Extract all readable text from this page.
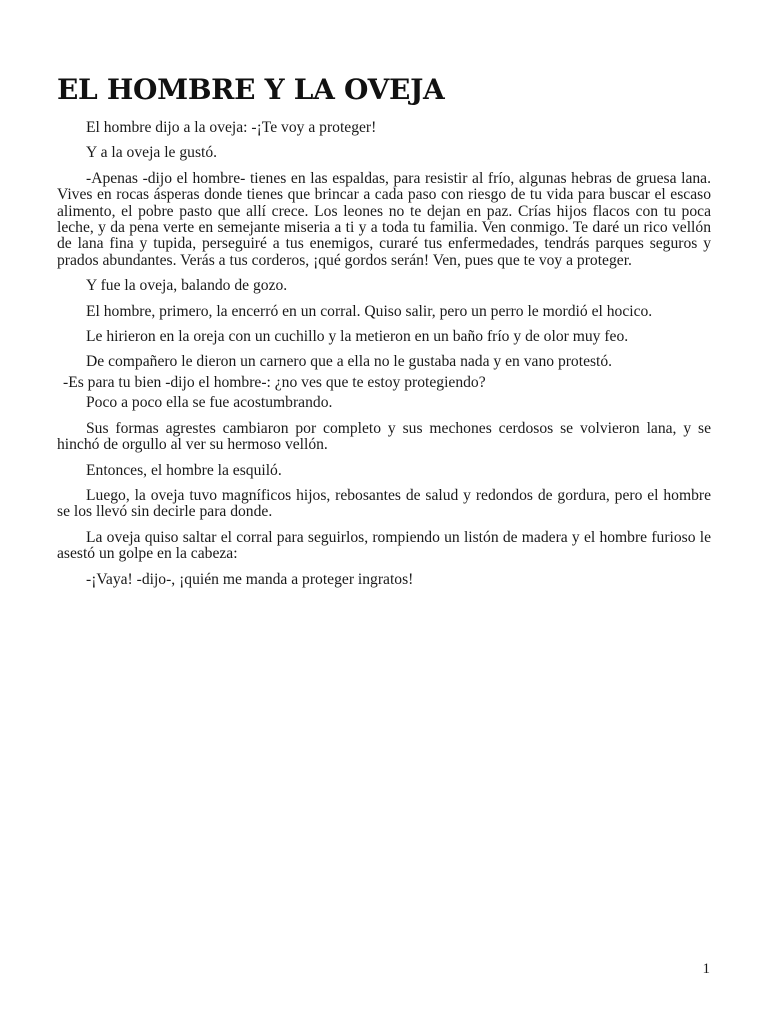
EL HOMBRE Y LA OVEJA

El hombre dijo a la oveja: -¡Te voy a proteger!

Y a la oveja le gustó.

-Apenas -dijo el hombre- tienes en las espaldas, para resistir al frío, algunas hebras de gruesa lana. Vives en rocas ásperas donde tienes que brincar a cada paso con riesgo de tu vida para buscar el escaso alimento, el pobre pasto que allí crece. Los leones no te dejan en paz. Crías hijos flacos con tu poca leche, y da pena verte en semejante miseria a ti y a toda tu familia. Ven conmigo. Te daré un rico vellón de lana fina y tupida, perseguiré a tus enemigos, curaré tus enfermedades, tendrás parques seguros y prados abundantes. Verás a tus corderos, ¡qué gordos serán! Ven, pues que te voy a proteger.

Y fue la oveja, balando de gozo.

El hombre, primero, la encerró en un corral. Quiso salir, pero un perro le mordió el hocico.

Le hirieron en la oreja con un cuchillo y la metieron en un baño frío y de olor muy feo.

De compañero le dieron un carnero que a ella no le gustaba nada y en vano protestó.

-Es para tu bien -dijo el hombre-: ¿no ves que te estoy protegiendo?

Poco a poco ella se fue acostumbrando.

Sus formas agrestes cambiaron por completo y sus mechones cerdosos se volvieron lana, y se hinchó de orgullo al ver su hermoso vellón.

Entonces, el hombre la esquiló.

Luego, la oveja tuvo magníficos hijos, rebosantes de salud y redondos de gordura, pero el hombre se los llevó sin decirle para donde.

La oveja quiso saltar el corral para seguirlos, rompiendo un listón de madera y el hombre furioso le asestó un golpe en la cabeza:

-¡Vaya! -dijo-, ¡quién me manda a proteger ingratos!

1
